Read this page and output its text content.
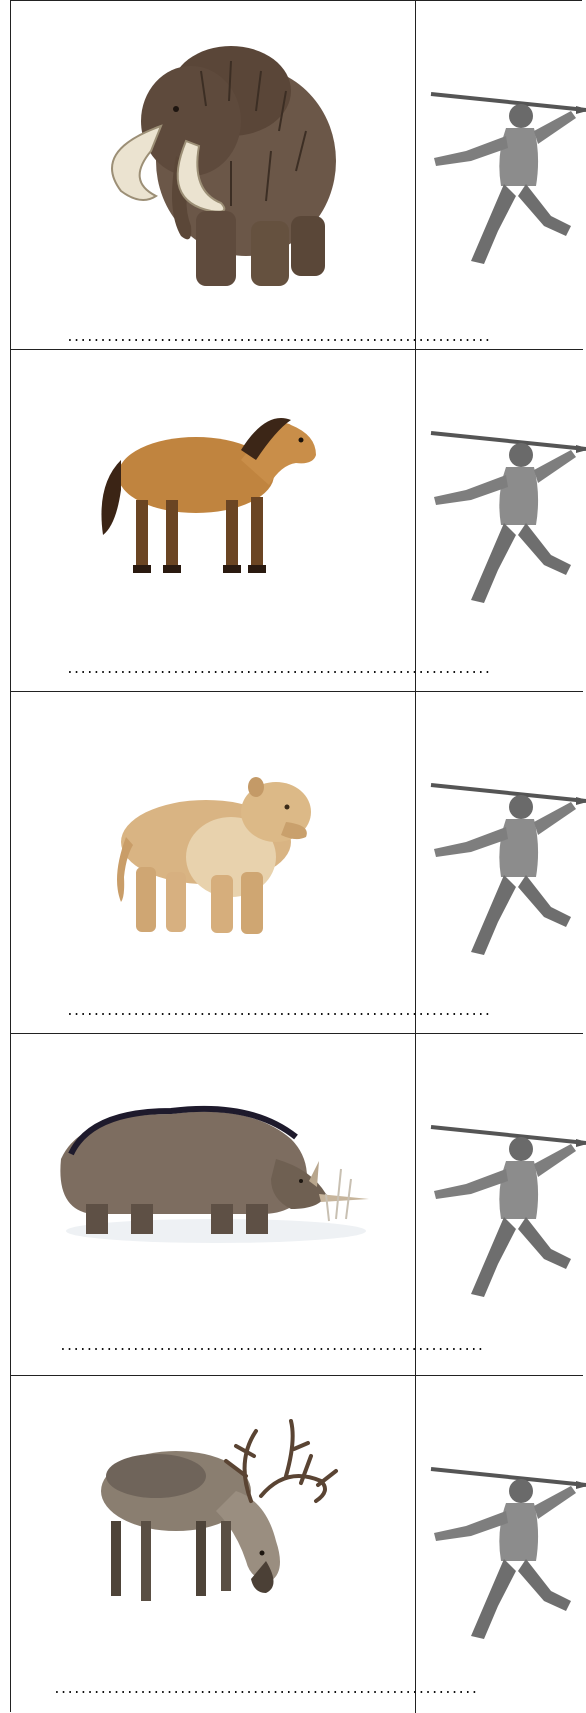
................................................................
................................................................
................................................................
................................................................
................................................................
